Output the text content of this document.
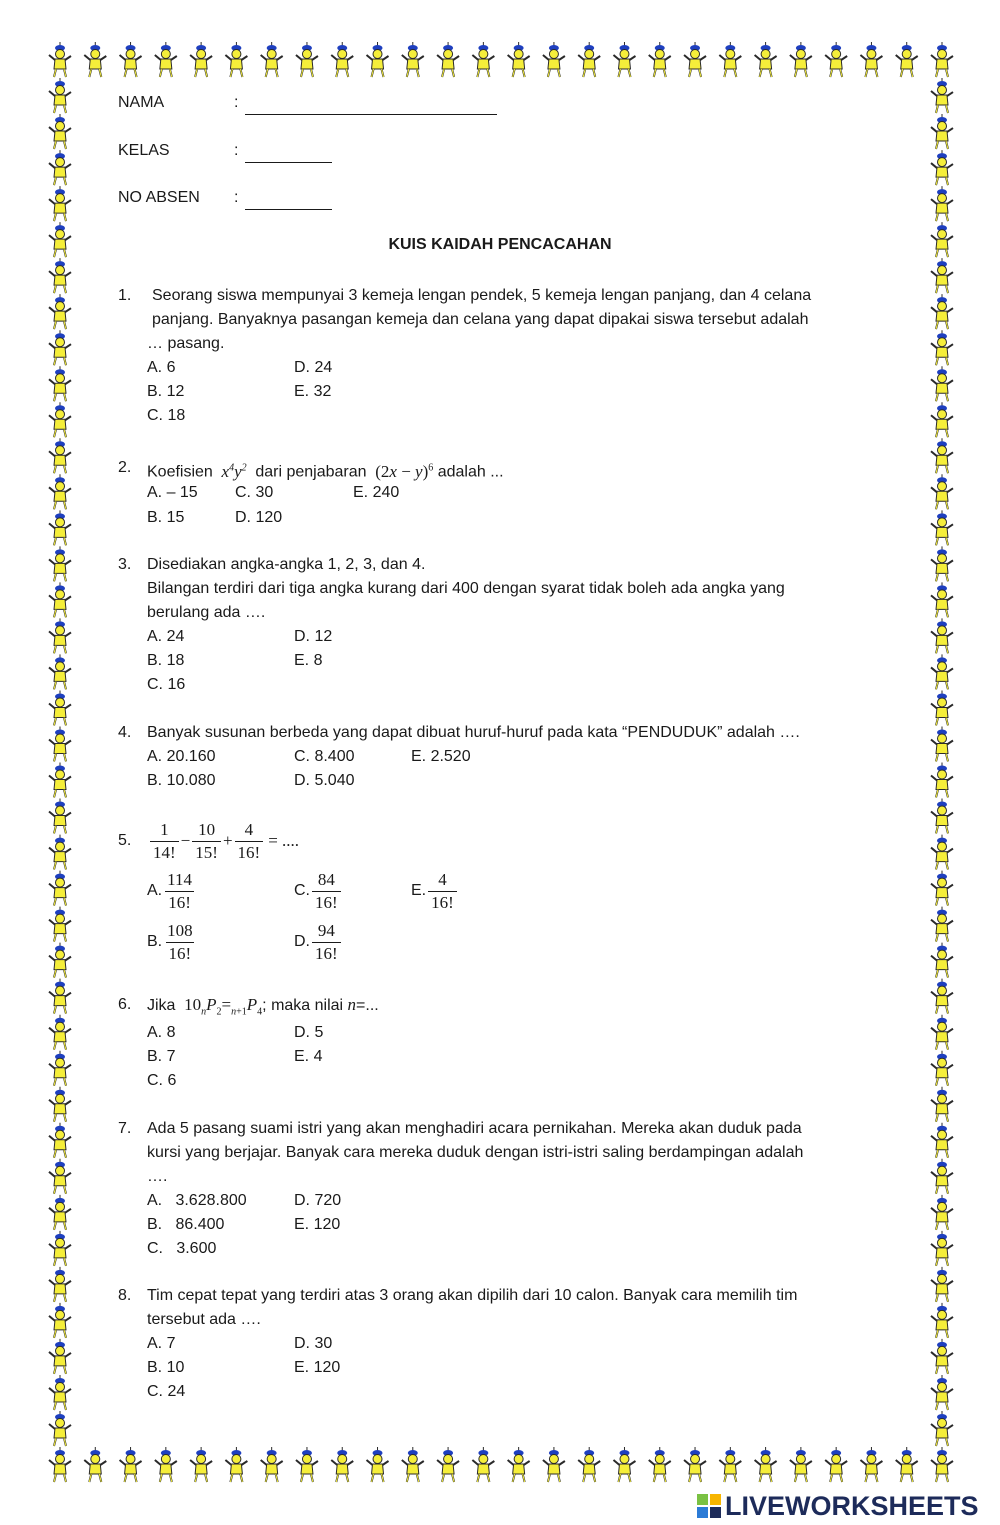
NAMA	:
KELAS	:
NO ABSEN :
KUIS KAIDAH PENCACAHAN
1. Seorang siswa mempunyai 3 kemeja lengan pendek, 5 kemeja lengan panjang, dan 4 celana
panjang. Banyaknya pasangan kemeja dan celana yang dapat dipakai siswa tersebut adalah
… pasang.
A. 6	D. 24
B. 12	E. 32
C. 18
2. Koefisien  $x^4y^2$ dari penjabaran  $(2x - y)^6$ adalah ...
A. – 15 C. 30	E. 240
B. 15	D. 120
3. Disediakan angka-angka 1, 2, 3, dan 4.
Bilangan terdiri dari tiga angka kurang dari 400 dengan syarat tidak boleh ada angka yang
berulang ada ….
A. 24	D. 12
B. 18	E. 8
C. 16
4. Banyak susunan berbeda yang dapat dibuat huruf-huruf pada kata “PENDUDUK” adalah ….
A. 20.160	C. 8.400	E. 2.520
B. 10.080	D. 5.040
5. $\frac{1}{14!} - \frac{10}{15!} + \frac{4}{16!}$ = ....
A. $\frac{114}{16!}$	C. $\frac{84}{16!}$	E. $\frac{4}{16!}$
B. $\frac{108}{16!}$	D. $\frac{94}{16!}$
6. Jika  $10_nP_2=_{n+1}P_4$; maka nilai n=...
A. 8	D. 5
B. 7	E. 4
C. 6
7. Ada 5 pasang suami istri yang akan menghadiri acara pernikahan. Mereka akan duduk pada
kursi yang berjajar. Banyak cara mereka duduk dengan istri-istri saling berdampingan adalah
….
A.   3.628.800	D. 720
B.   86.400	E. 120
C.   3.600
8. Tim cepat tepat yang terdiri atas 3 orang akan dipilih dari 10 calon. Banyak cara memilih tim
tersebut ada ….
A. 7	D. 30
B. 10	E. 120
C. 24
LIVEWORKSHEETS
